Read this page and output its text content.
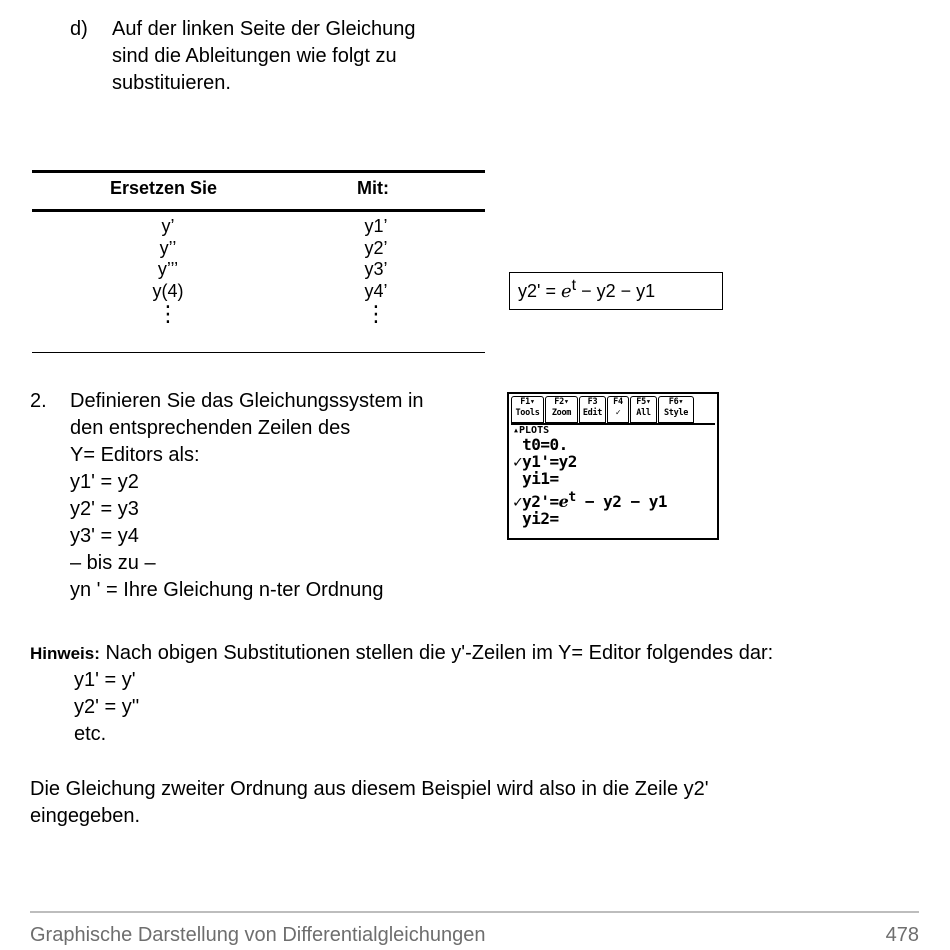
d) Auf der linken Seite der Gleichung
sind die Ableitungen wie folgt zu
substituieren.
Ersetzen Sie	Mit:
y’
y’’
y’’’
y(4)
⋮
y1’
y2’
y3’
y4’
⋮
$y2' = e^t - y2 - y1$
2. Definieren Sie das Gleichungssystem in
den entsprechenden Zeilen des
Y= Editors als:
y1' = y2
y2' = y3
y3' = y4
– bis zu –
yn ' = Ihre Gleichung n-ter Ordnung
F1▾
Tools
F2▾
Zoom
F3
Edit
F4
✓
F5▾
All
F6▾
Style
▴PLOTS
t0=0.
✓y1'=y2
yi1=
$✓y2'=e^t - y2 - y1$
yi2=
Hinweis: Nach obigen Substitutionen stellen die y'-Zeilen im Y= Editor folgendes dar:
y1' = y'
y2' = y''
etc.
Die Gleichung zweiter Ordnung aus diesem Beispiel wird also in die Zeile y2'
eingegeben.
Graphische Darstellung von Differentialgleichungen	478
